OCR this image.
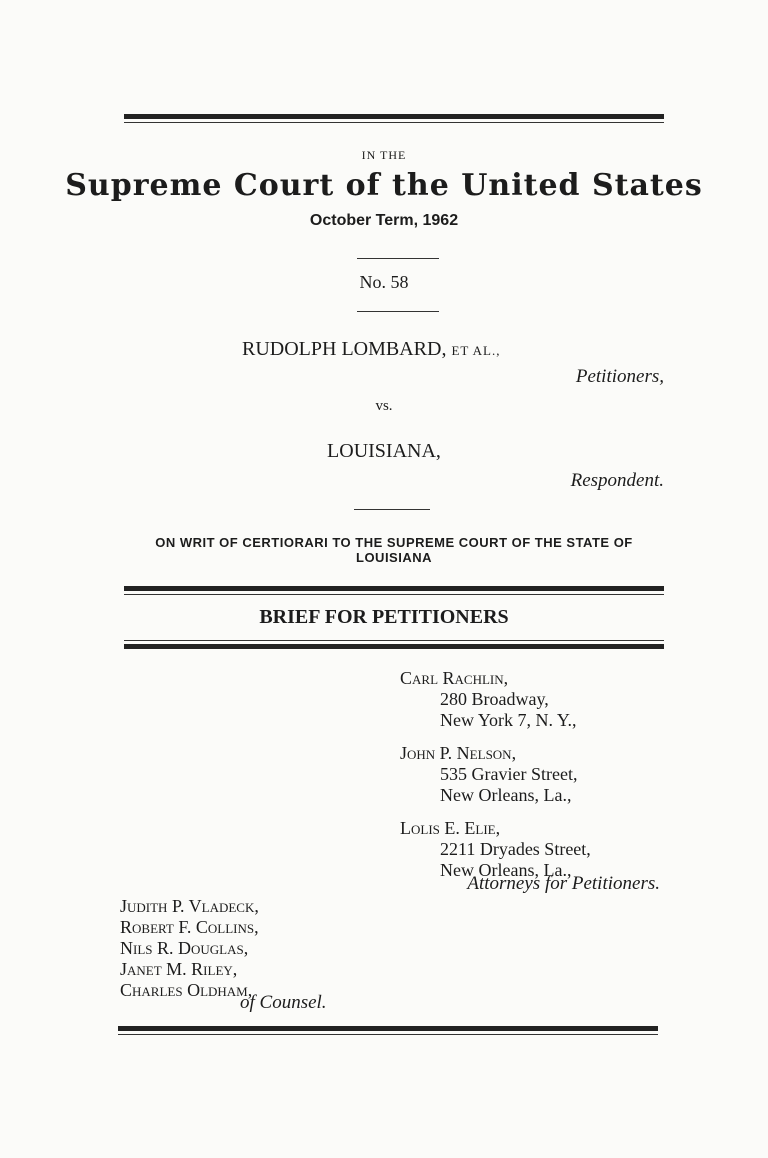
IN THE
Supreme Court of the United States
October Term, 1962
No. 58
RUDOLPH LOMBARD, ET AL.,
Petitioners,
vs.
LOUISIANA,
Respondent.
ON WRIT OF CERTIORARI TO THE SUPREME COURT OF THE STATE OF LOUISIANA
BRIEF FOR PETITIONERS
Carl Rachlin,
280 Broadway,
New York 7, N. Y.,
John P. Nelson,
535 Gravier Street,
New Orleans, La.,
Lolis E. Elie,
2211 Dryades Street,
New Orleans, La.,
Attorneys for Petitioners.
Judith P. Vladeck,
Robert F. Collins,
Nils R. Douglas,
Janet M. Riley,
Charles Oldham,
of Counsel.
